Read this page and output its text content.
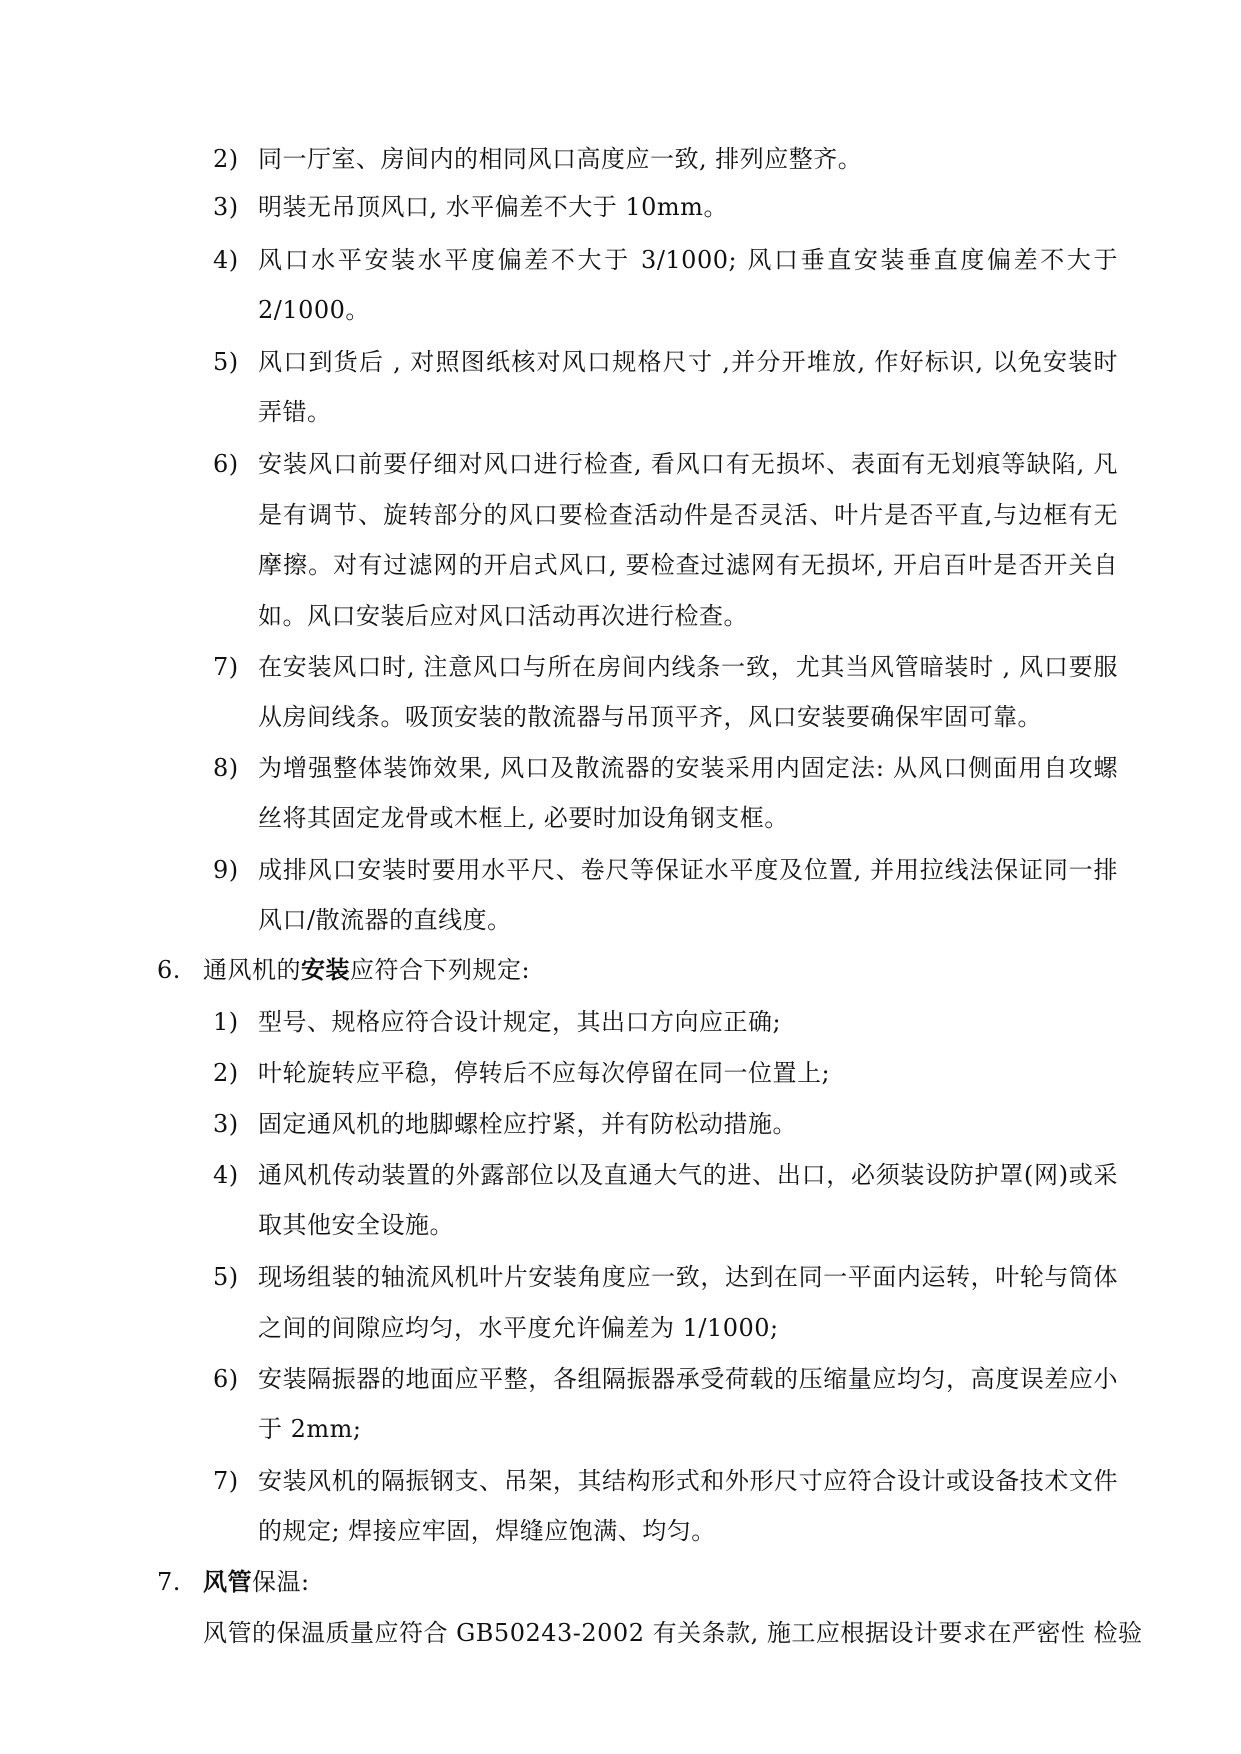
2) 同一厅室、房间内的相同风口高度应一致, 排列应整齐。
3) 明装无吊顶风口, 水平偏差不大于 10mm。
4) 风口水平安装水平度偏差不大于 3/1000; 风口垂直安装垂直度偏差不大于
2/1000。
5) 风口到货后 , 对照图纸核对风口规格尺寸 ,并分开堆放, 作好标识, 以免安装时
弄错。
6) 安装风口前要仔细对风口进行检查, 看风口有无损坏、表面有无划痕等缺陷, 凡
是有调节、旋转部分的风口要检查活动件是否灵活、叶片是否平直,与边框有无
摩擦。对有过滤网的开启式风口, 要检查过滤网有无损坏, 开启百叶是否开关自
如。风口安装后应对风口活动再次进行检查。
7) 在安装风口时, 注意风口与所在房间内线条一致，尤其当风管暗装时 , 风口要服
从房间线条。吸顶安装的散流器与吊顶平齐，风口安装要确保牢固可靠。
8) 为增强整体装饰效果, 风口及散流器的安装采用内固定法: 从风口侧面用自攻螺
丝将其固定龙骨或木框上, 必要时加设角钢支框。
9) 成排风口安装时要用水平尺、卷尺等保证水平度及位置, 并用拉线法保证同一排
风口/散流器的直线度。
6. 通风机的安装应符合下列规定:
1) 型号、规格应符合设计规定，其出口方向应正确;
2) 叶轮旋转应平稳，停转后不应每次停留在同一位置上;
3) 固定通风机的地脚螺栓应拧紧，并有防松动措施。
4) 通风机传动装置的外露部位以及直通大气的进、出口，必须装设防护罩(网)或采
取其他安全设施。
5) 现场组装的轴流风机叶片安装角度应一致，达到在同一平面内运转，叶轮与筒体
之间的间隙应均匀，水平度允许偏差为 1/1000;
6) 安装隔振器的地面应平整，各组隔振器承受荷载的压缩量应均匀，高度误差应小
于 2mm;
7) 安装风机的隔振钢支、吊架，其结构形式和外形尺寸应符合设计或设备技术文件
的规定; 焊接应牢固，焊缝应饱满、均匀。
7. 风管保温:
风管的保温质量应符合 GB50243-2002 有关条款, 施工应根据设计要求在严密性 检验
